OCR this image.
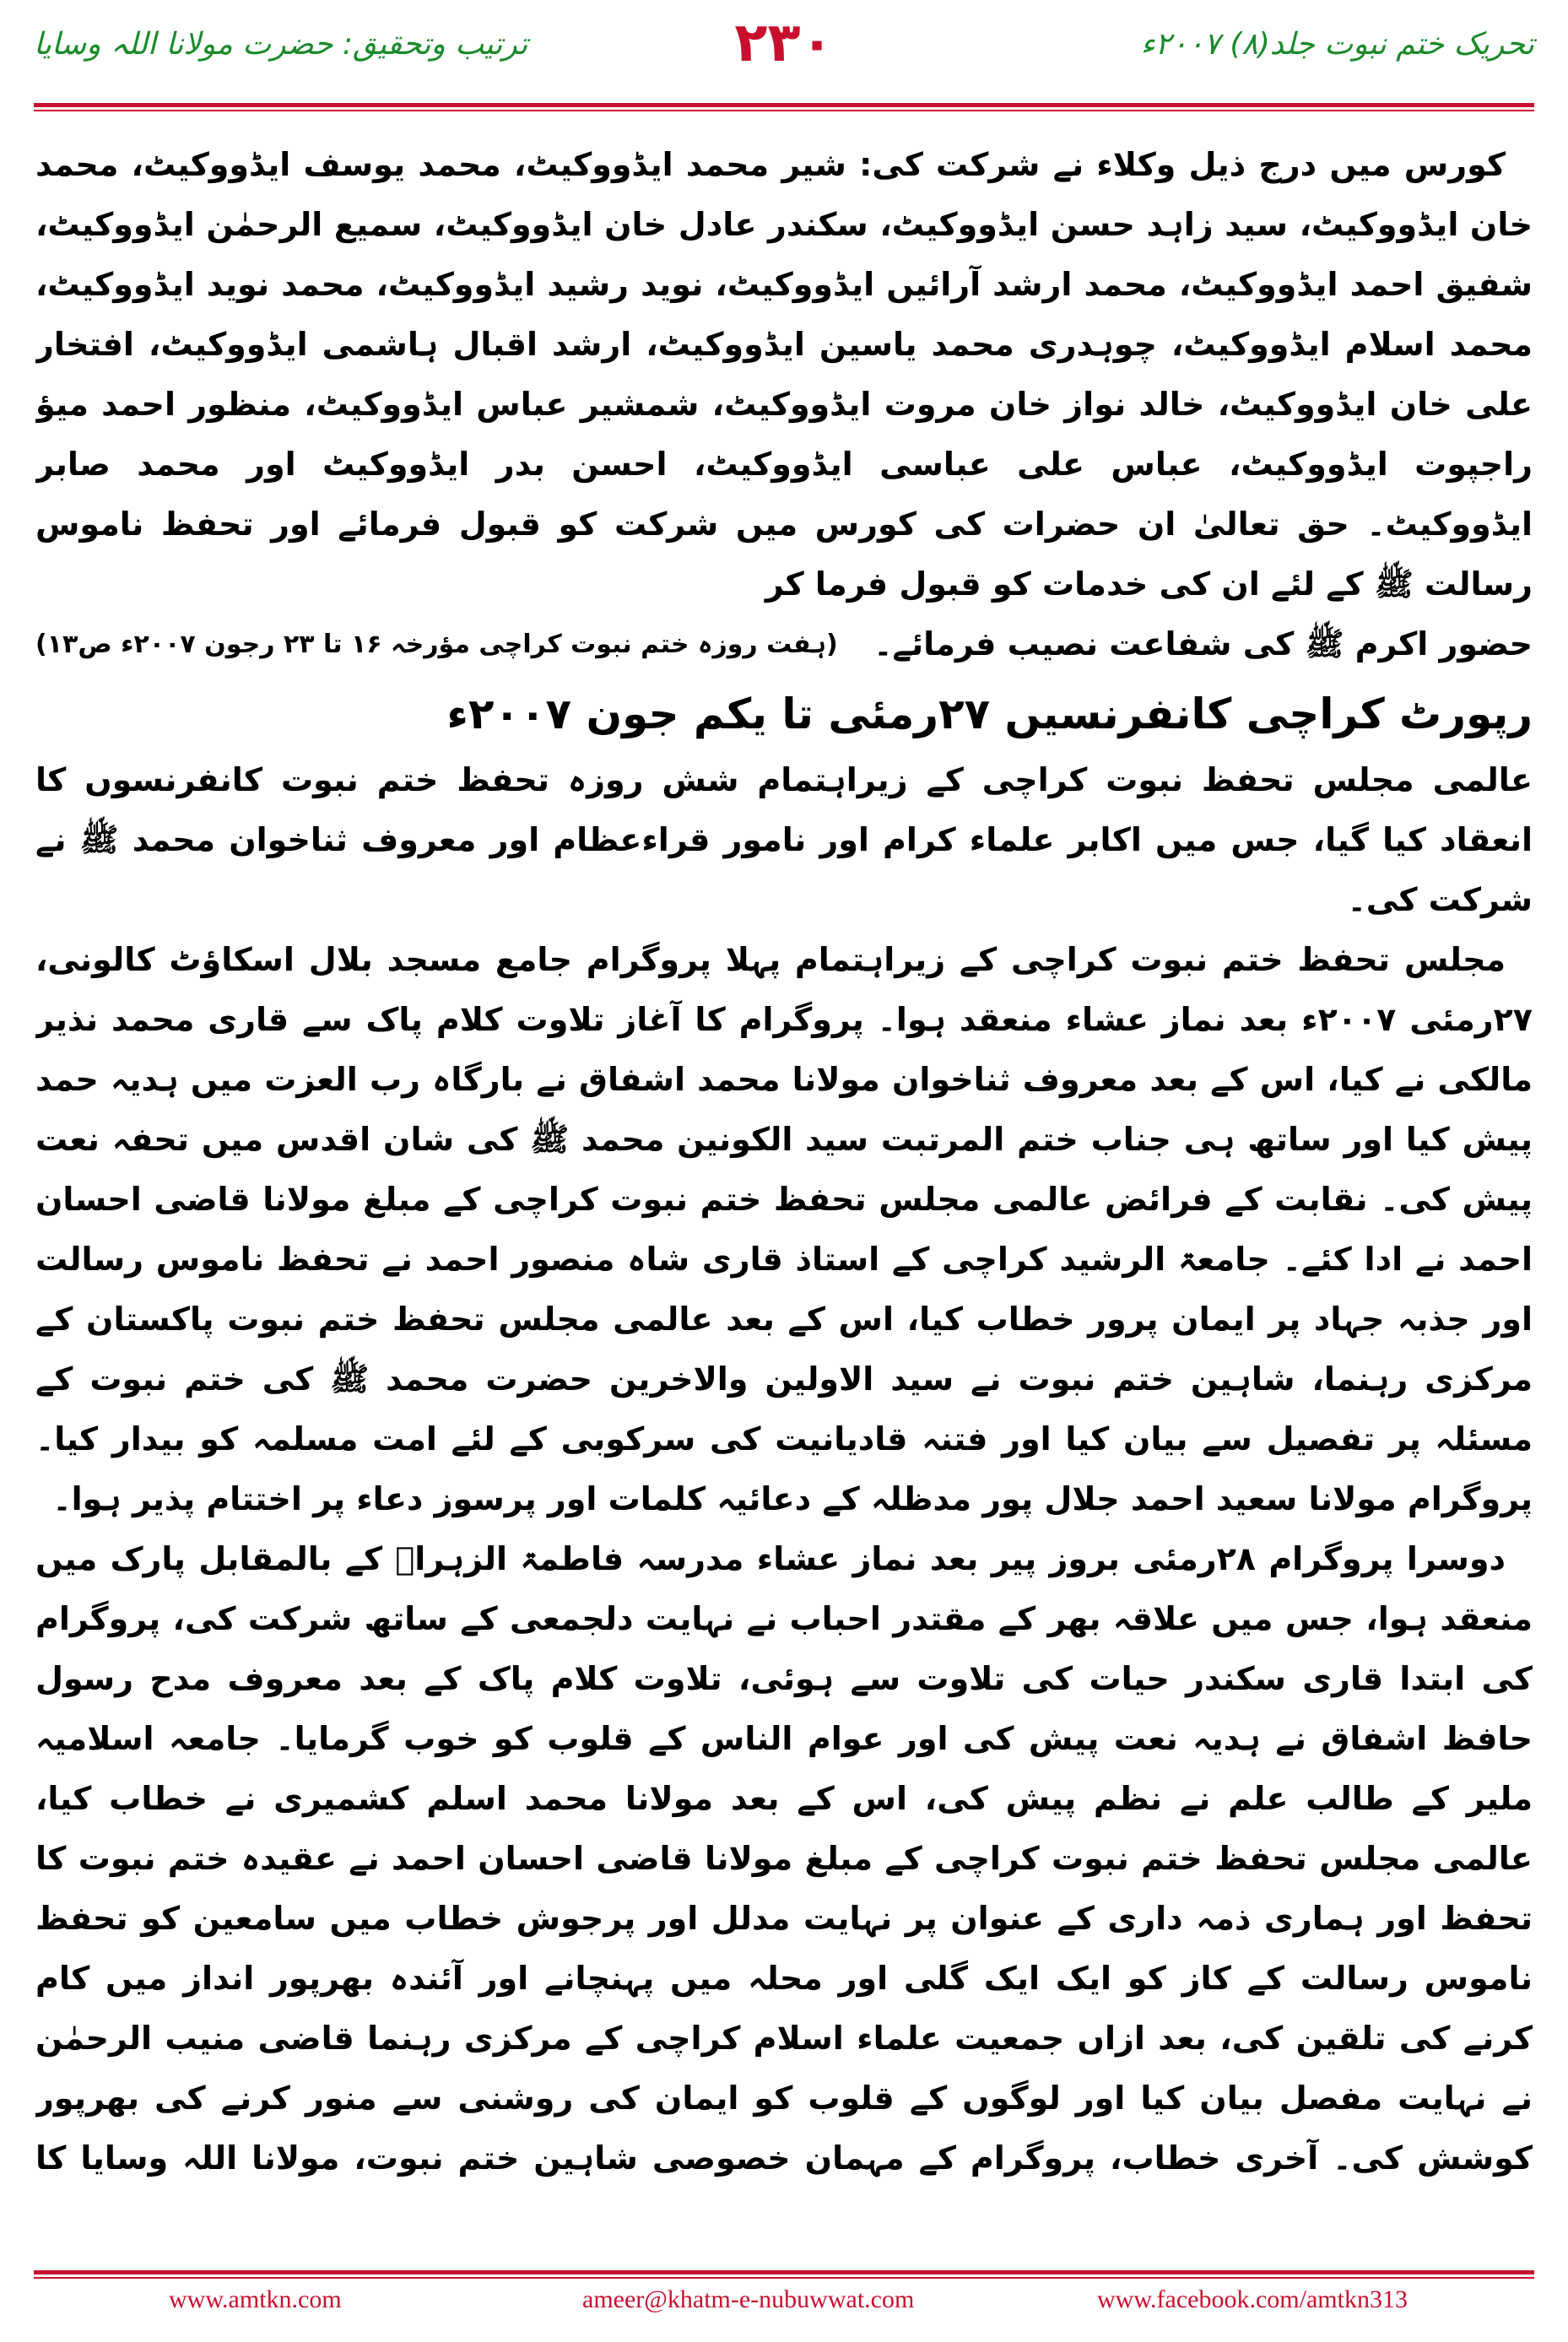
تحریک ختم نبوت جلد(۸) ۲۰۰۷ء
۲۳۰
ترتیب وتحقیق: حضرت مولانا اللہ وسایا

کورس میں درج ذیل وکلاء نے شرکت کی: شیر محمد ایڈووکیٹ، محمد یوسف ایڈووکیٹ، محمد خان ایڈووکیٹ، سید زاہد حسن ایڈووکیٹ، سکندر عادل خان ایڈووکیٹ، سمیع الرحمٰن ایڈووکیٹ، شفیق احمد ایڈووکیٹ، محمد ارشد آرائیں ایڈووکیٹ، نوید رشید ایڈووکیٹ، محمد نوید ایڈووکیٹ، محمد اسلام ایڈووکیٹ، چوہدری محمد یاسین ایڈووکیٹ، ارشد اقبال ہاشمی ایڈووکیٹ، افتخار علی خان ایڈووکیٹ، خالد نواز خان مروت ایڈووکیٹ، شمشیر عباس ایڈووکیٹ، منظور احمد میؤ راجپوت ایڈووکیٹ، عباس علی عباسی ایڈووکیٹ، احسن بدر ایڈووکیٹ اور محمد صابر ایڈووکیٹ۔ حق تعالیٰ ان حضرات کی کورس میں شرکت کو قبول فرمائے اور تحفظ ناموس رسالت ﷺ کے لئے ان کی خدمات کو قبول فرما کر

حضور اکرم ﷺ کی شفاعت نصیب فرمائے۔
(ہفت روزہ ختم نبوت کراچی مؤرخہ ۱۶ تا ۲۳ رجون ۲۰۰۷ء ص۱۳)
رپورٹ کراچی کانفرنسیں ۲۷رمئی تا یکم جون ۲۰۰۷ء

عالمی مجلس تحفظ نبوت کراچی کے زیراہتمام شش روزہ تحفظ ختم نبوت کانفرنسوں کا انعقاد کیا گیا، جس میں اکابر علماء کرام اور نامور قراءعظام اور معروف ثناخوان محمد ﷺ نے شرکت کی۔

مجلس تحفظ ختم نبوت کراچی کے زیراہتمام پہلا پروگرام جامع مسجد بلال اسکاؤٹ کالونی، ۲۷رمئی ۲۰۰۷ء بعد نماز عشاء منعقد ہوا۔ پروگرام کا آغاز تلاوت کلام پاک سے قاری محمد نذیر مالکی نے کیا، اس کے بعد معروف ثناخوان مولانا محمد اشفاق نے بارگاہ رب العزت میں ہدیہ حمد پیش کیا اور ساتھ ہی جناب ختم المرتبت سید الکونین محمد ﷺ کی شان اقدس میں تحفہ نعت پیش کی۔ نقابت کے فرائض عالمی مجلس تحفظ ختم نبوت کراچی کے مبلغ مولانا قاضی احسان احمد نے ادا کئے۔ جامعۃ الرشید کراچی کے استاذ قاری شاہ منصور احمد نے تحفظ ناموس رسالت اور جذبہ جہاد پر ایمان پرور خطاب کیا، اس کے بعد عالمی مجلس تحفظ ختم نبوت پاکستان کے مرکزی رہنما، شاہین ختم نبوت نے سید الاولین والاخرین حضرت محمد ﷺ کی ختم نبوت کے مسئلہ پر تفصیل سے بیان کیا اور فتنہ قادیانیت کی سرکوبی کے لئے امت مسلمہ کو بیدار کیا۔ پروگرام مولانا سعید احمد جلال پور مدظلہ کے دعائیہ کلمات اور پرسوز دعاء پر اختتام پذیر ہوا۔

دوسرا پروگرام ۲۸رمئی بروز پیر بعد نماز عشاء مدرسہ فاطمۃ الزہراؓ کے بالمقابل پارک میں منعقد ہوا، جس میں علاقہ بھر کے مقتدر احباب نے نہایت دلجمعی کے ساتھ شرکت کی، پروگرام کی ابتدا قاری سکندر حیات کی تلاوت سے ہوئی، تلاوت کلام پاک کے بعد معروف مدح رسول حافظ اشفاق نے ہدیہ نعت پیش کی اور عوام الناس کے قلوب کو خوب گرمایا۔ جامعہ اسلامیہ ملیر کے طالب علم نے نظم پیش کی، اس کے بعد مولانا محمد اسلم کشمیری نے خطاب کیا، عالمی مجلس تحفظ ختم نبوت کراچی کے مبلغ مولانا قاضی احسان احمد نے عقیدہ ختم نبوت کا تحفظ اور ہماری ذمہ داری کے عنوان پر نہایت مدلل اور پرجوش خطاب میں سامعین کو تحفظ ناموس رسالت کے کاز کو ایک ایک گلی اور محلہ میں پہنچانے اور آئندہ بھرپور انداز میں کام کرنے کی تلقین کی، بعد ازاں جمعیت علماء اسلام کراچی کے مرکزی رہنما قاضی منیب الرحمٰن نے نہایت مفصل بیان کیا اور لوگوں کے قلوب کو ایمان کی روشنی سے منور کرنے کی بھرپور کوشش کی۔ آخری خطاب، پروگرام کے مہمان خصوصی شاہین ختم نبوت، مولانا اللہ وسایا کا

www.amtkn.com	ameer@khatm-e-nubuwwat.com	www.facebook.com/amtkn313
